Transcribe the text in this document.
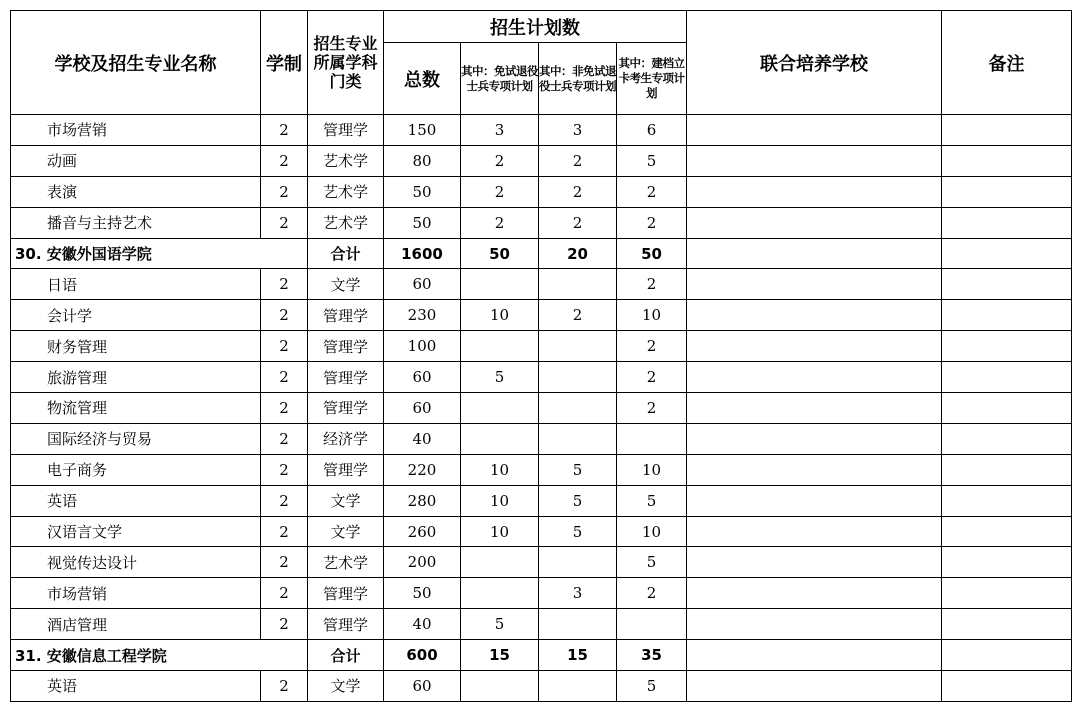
学校及招生专业名称	学制	招生专业所属学科门类	招生计划数				联合培养学校	备注
			总数	其中：免试退役士兵专项计划	其中：非免试退役士兵专项计划	其中：建档立卡考生专项计划		
市场营销	2	管理学	150	3	3	6		
动画	2	艺术学	80	2	2	5		
表演	2	艺术学	50	2	2	2		
播音与主持艺术	2	艺术学	50	2	2	2		
30. 安徽外国语学院		合计	1600	50	20	50		
日语	2	文学	60			2		
会计学	2	管理学	230	10	2	10		
财务管理	2	管理学	100			2		
旅游管理	2	管理学	60	5		2		
物流管理	2	管理学	60			2		
国际经济与贸易	2	经济学	40					
电子商务	2	管理学	220	10	5	10		
英语	2	文学	280	10	5	5		
汉语言文学	2	文学	260	10	5	10		
视觉传达设计	2	艺术学	200			5		
市场营销	2	管理学	50		3	2		
酒店管理	2	管理学	40	5				
31. 安徽信息工程学院		合计	600	15	15	35		
英语	2	文学	60			5		
